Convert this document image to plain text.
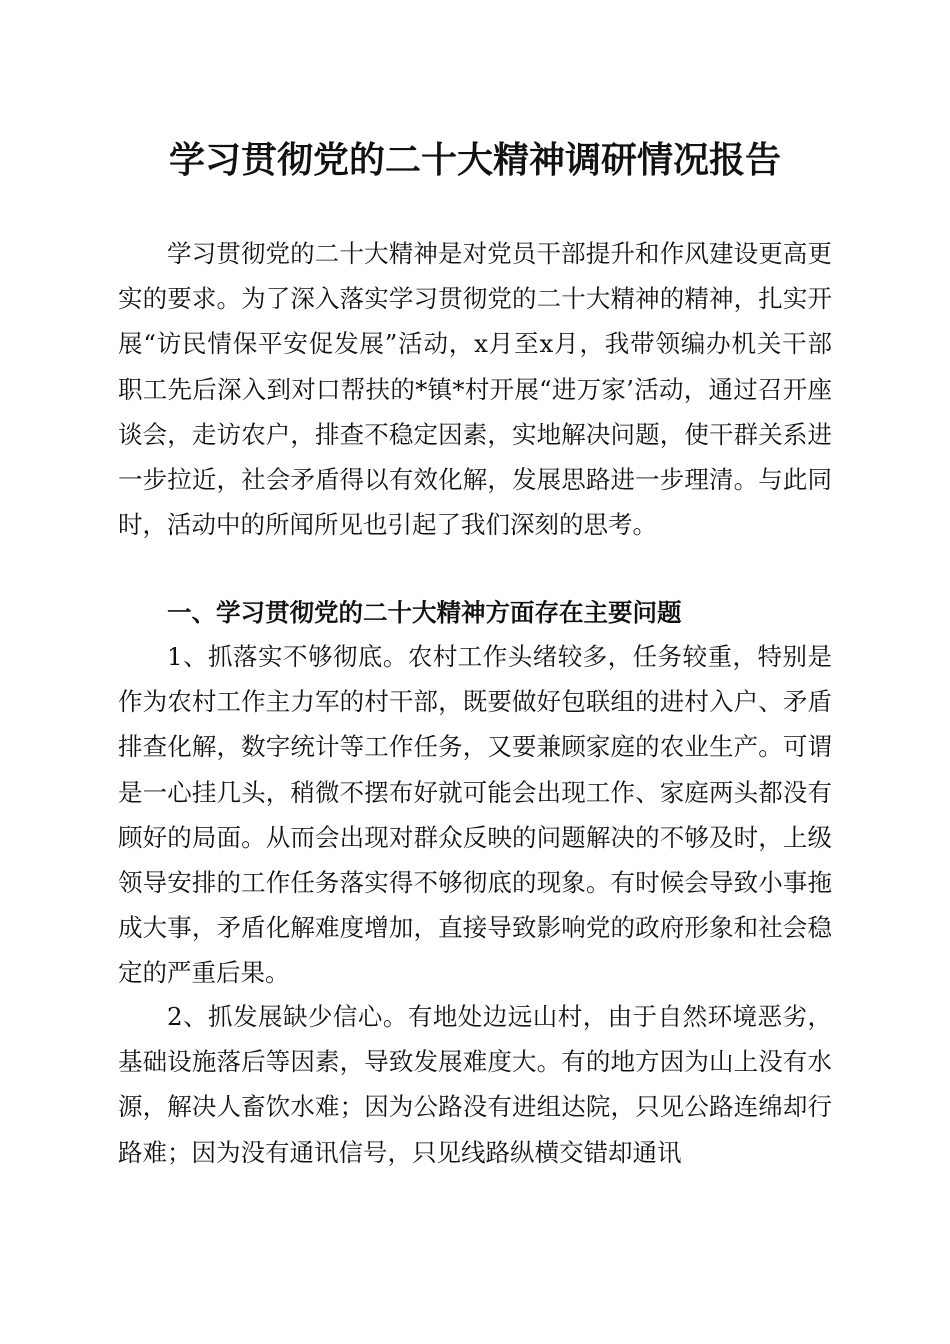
学习贯彻党的二十大精神调研情况报告

学习贯彻党的二十大精神是对党员干部提升和作风建设更高更实的要求。为了深入落实学习贯彻党的二十大精神的精神，扎实开展“访民情保平安促发展”活动，x月至x月，我带领编办机关干部职工先后深入到对口帮扶的*镇*村开展“进万家’活动，通过召开座谈会，走访农户，排查不稳定因素，实地解决问题，使干群关系进一步拉近，社会矛盾得以有效化解，发展思路进一步理清。与此同时，活动中的所闻所见也引起了我们深刻的思考。

一、学习贯彻党的二十大精神方面存在主要问题

1、抓落实不够彻底。农村工作头绪较多，任务较重，特别是作为农村工作主力军的村干部，既要做好包联组的进村入户、矛盾排查化解，数字统计等工作任务，又要兼顾家庭的农业生产。可谓是一心挂几头，稍微不摆布好就可能会出现工作、家庭两头都没有顾好的局面。从而会出现对群众反映的问题解决的不够及时，上级领导安排的工作任务落实得不够彻底的现象。有时候会导致小事拖成大事，矛盾化解难度增加，直接导致影响党的政府形象和社会稳定的严重后果。

2、抓发展缺少信心。有地处边远山村，由于自然环境恶劣，基础设施落后等因素，导致发展难度大。有的地方因为山上没有水源，解决人畜饮水难；因为公路没有进组达院，只见公路连绵却行路难；因为没有通讯信号，只见线路纵横交错却通讯
